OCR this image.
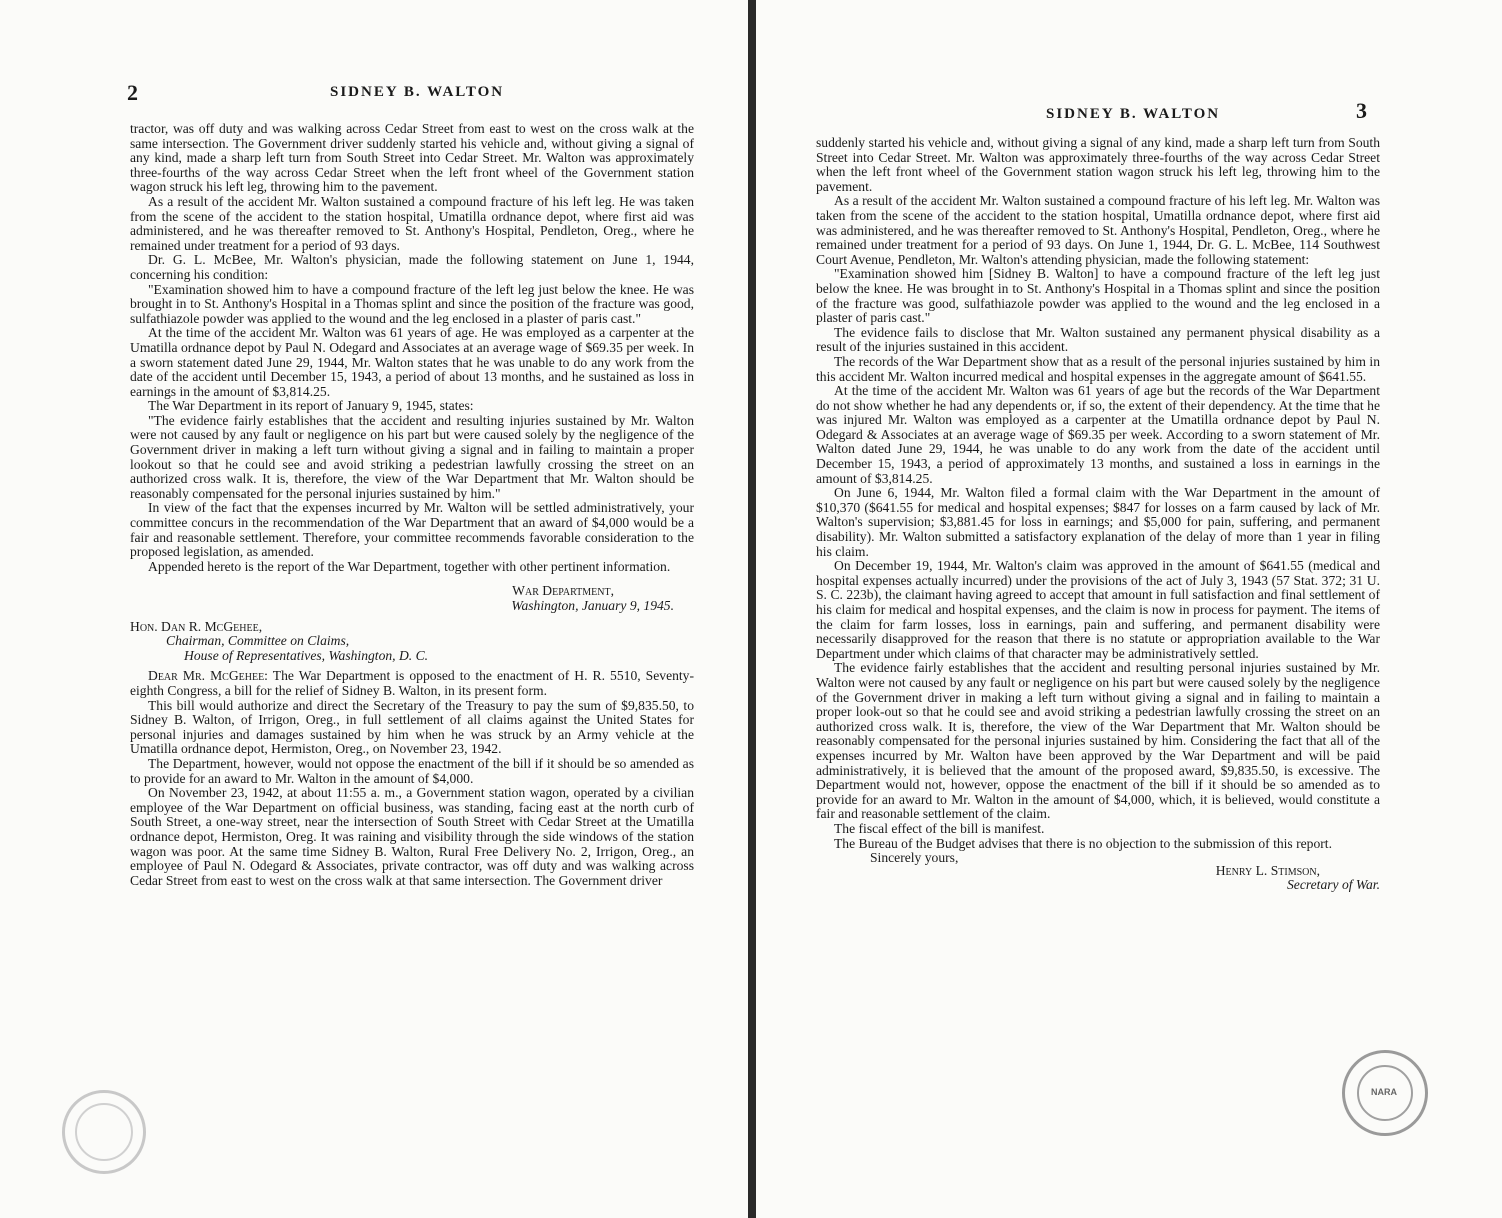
2	SIDNEY B. WALTON

tractor, was off duty and was walking across Cedar Street from east to west on the cross walk at the same intersection. The Government driver suddenly started his vehicle and, without giving a signal of any kind, made a sharp left turn from South Street into Cedar Street. Mr. Walton was approximately three-fourths of the way across Cedar Street when the left front wheel of the Government station wagon struck his left leg, throwing him to the pavement.

As a result of the accident Mr. Walton sustained a compound fracture of his left leg. He was taken from the scene of the accident to the station hospital, Umatilla ordnance depot, where first aid was administered, and he was thereafter removed to St. Anthony's Hospital, Pendleton, Oreg., where he remained under treatment for a period of 93 days.

Dr. G. L. McBee, Mr. Walton's physician, made the following statement on June 1, 1944, concerning his condition:

"Examination showed him to have a compound fracture of the left leg just below the knee. He was brought in to St. Anthony's Hospital in a Thomas splint and since the position of the fracture was good, sulfathiazole powder was applied to the wound and the leg enclosed in a plaster of paris cast."

At the time of the accident Mr. Walton was 61 years of age. He was employed as a carpenter at the Umatilla ordnance depot by Paul N. Odegard and Associates at an average wage of $69.35 per week. In a sworn statement dated June 29, 1944, Mr. Walton states that he was unable to do any work from the date of the accident until December 15, 1943, a period of about 13 months, and he sustained as loss in earnings in the amount of $3,814.25.

The War Department in its report of January 9, 1945, states:

"The evidence fairly establishes that the accident and resulting injuries sustained by Mr. Walton were not caused by any fault or negligence on his part but were caused solely by the negligence of the Government driver in making a left turn without giving a signal and in failing to maintain a proper lookout so that he could see and avoid striking a pedestrian lawfully crossing the street on an authorized cross walk. It is, therefore, the view of the War Department that Mr. Walton should be reasonably compensated for the personal injuries sustained by him."

In view of the fact that the expenses incurred by Mr. Walton will be settled administratively, your committee concurs in the recommendation of the War Department that an award of $4,000 would be a fair and reasonable settlement. Therefore, your committee recommends favorable consideration to the proposed legislation, as amended.

Appended hereto is the report of the War Department, together with other pertinent information.

War Department,
Washington, January 9, 1945.

Hon. Dan R. McGehee,

Chairman, Committee on Claims,

House of Representatives, Washington, D. C.

Dear Mr. McGehee: The War Department is opposed to the enactment of H. R. 5510, Seventy-eighth Congress, a bill for the relief of Sidney B. Walton, in its present form.

This bill would authorize and direct the Secretary of the Treasury to pay the sum of $9,835.50, to Sidney B. Walton, of Irrigon, Oreg., in full settlement of all claims against the United States for personal injuries and damages sustained by him when he was struck by an Army vehicle at the Umatilla ordnance depot, Hermiston, Oreg., on November 23, 1942.

The Department, however, would not oppose the enactment of the bill if it should be so amended as to provide for an award to Mr. Walton in the amount of $4,000.

On November 23, 1942, at about 11:55 a. m., a Government station wagon, operated by a civilian employee of the War Department on official business, was standing, facing east at the north curb of South Street, a one-way street, near the intersection of South Street with Cedar Street at the Umatilla ordnance depot, Hermiston, Oreg. It was raining and visibility through the side windows of the station wagon was poor. At the same time Sidney B. Walton, Rural Free Delivery No. 2, Irrigon, Oreg., an employee of Paul N. Odegard & Associates, private contractor, was off duty and was walking across Cedar Street from east to west on the cross walk at that same intersection. The Government driver

SIDNEY B. WALTON	3

suddenly started his vehicle and, without giving a signal of any kind, made a sharp left turn from South Street into Cedar Street. Mr. Walton was approximately three-fourths of the way across Cedar Street when the left front wheel of the Government station wagon struck his left leg, throwing him to the pavement.

As a result of the accident Mr. Walton sustained a compound fracture of his left leg. Mr. Walton was taken from the scene of the accident to the station hospital, Umatilla ordnance depot, where first aid was administered, and he was thereafter removed to St. Anthony's Hospital, Pendleton, Oreg., where he remained under treatment for a period of 93 days. On June 1, 1944, Dr. G. L. McBee, 114 Southwest Court Avenue, Pendleton, Mr. Walton's attending physician, made the following statement:

"Examination showed him [Sidney B. Walton] to have a compound fracture of the left leg just below the knee. He was brought in to St. Anthony's Hospital in a Thomas splint and since the position of the fracture was good, sulfathiazole powder was applied to the wound and the leg enclosed in a plaster of paris cast."

The evidence fails to disclose that Mr. Walton sustained any permanent physical disability as a result of the injuries sustained in this accident.

The records of the War Department show that as a result of the personal injuries sustained by him in this accident Mr. Walton incurred medical and hospital expenses in the aggregate amount of $641.55.

At the time of the accident Mr. Walton was 61 years of age but the records of the War Department do not show whether he had any dependents or, if so, the extent of their dependency. At the time that he was injured Mr. Walton was employed as a carpenter at the Umatilla ordnance depot by Paul N. Odegard & Associates at an average wage of $69.35 per week. According to a sworn statement of Mr. Walton dated June 29, 1944, he was unable to do any work from the date of the accident until December 15, 1943, a period of approximately 13 months, and sustained a loss in earnings in the amount of $3,814.25.

On June 6, 1944, Mr. Walton filed a formal claim with the War Department in the amount of $10,370 ($641.55 for medical and hospital expenses; $847 for losses on a farm caused by lack of Mr. Walton's supervision; $3,881.45 for loss in earnings; and $5,000 for pain, suffering, and permanent disability). Mr. Walton submitted a satisfactory explanation of the delay of more than 1 year in filing his claim.

On December 19, 1944, Mr. Walton's claim was approved in the amount of $641.55 (medical and hospital expenses actually incurred) under the provisions of the act of July 3, 1943 (57 Stat. 372; 31 U. S. C. 223b), the claimant having agreed to accept that amount in full satisfaction and final settlement of his claim for medical and hospital expenses, and the claim is now in process for payment. The items of the claim for farm losses, loss in earnings, pain and suffering, and permanent disability were necessarily disapproved for the reason that there is no statute or appropriation available to the War Department under which claims of that character may be administratively settled.

The evidence fairly establishes that the accident and resulting personal injuries sustained by Mr. Walton were not caused by any fault or negligence on his part but were caused solely by the negligence of the Government driver in making a left turn without giving a signal and in failing to maintain a proper look-out so that he could see and avoid striking a pedestrian lawfully crossing the street on an authorized cross walk. It is, therefore, the view of the War Department that Mr. Walton should be reasonably compensated for the personal injuries sustained by him. Considering the fact that all of the expenses incurred by Mr. Walton have been approved by the War Department and will be paid administratively, it is believed that the amount of the proposed award, $9,835.50, is excessive. The Department would not, however, oppose the enactment of the bill if it should be so amended as to provide for an award to Mr. Walton in the amount of $4,000, which, it is believed, would constitute a fair and reasonable settlement of the claim.

The fiscal effect of the bill is manifest.

The Bureau of the Budget advises that there is no objection to the submission of this report.

Sincerely yours,

Henry L. Stimson,
Secretary of War.
NARA
